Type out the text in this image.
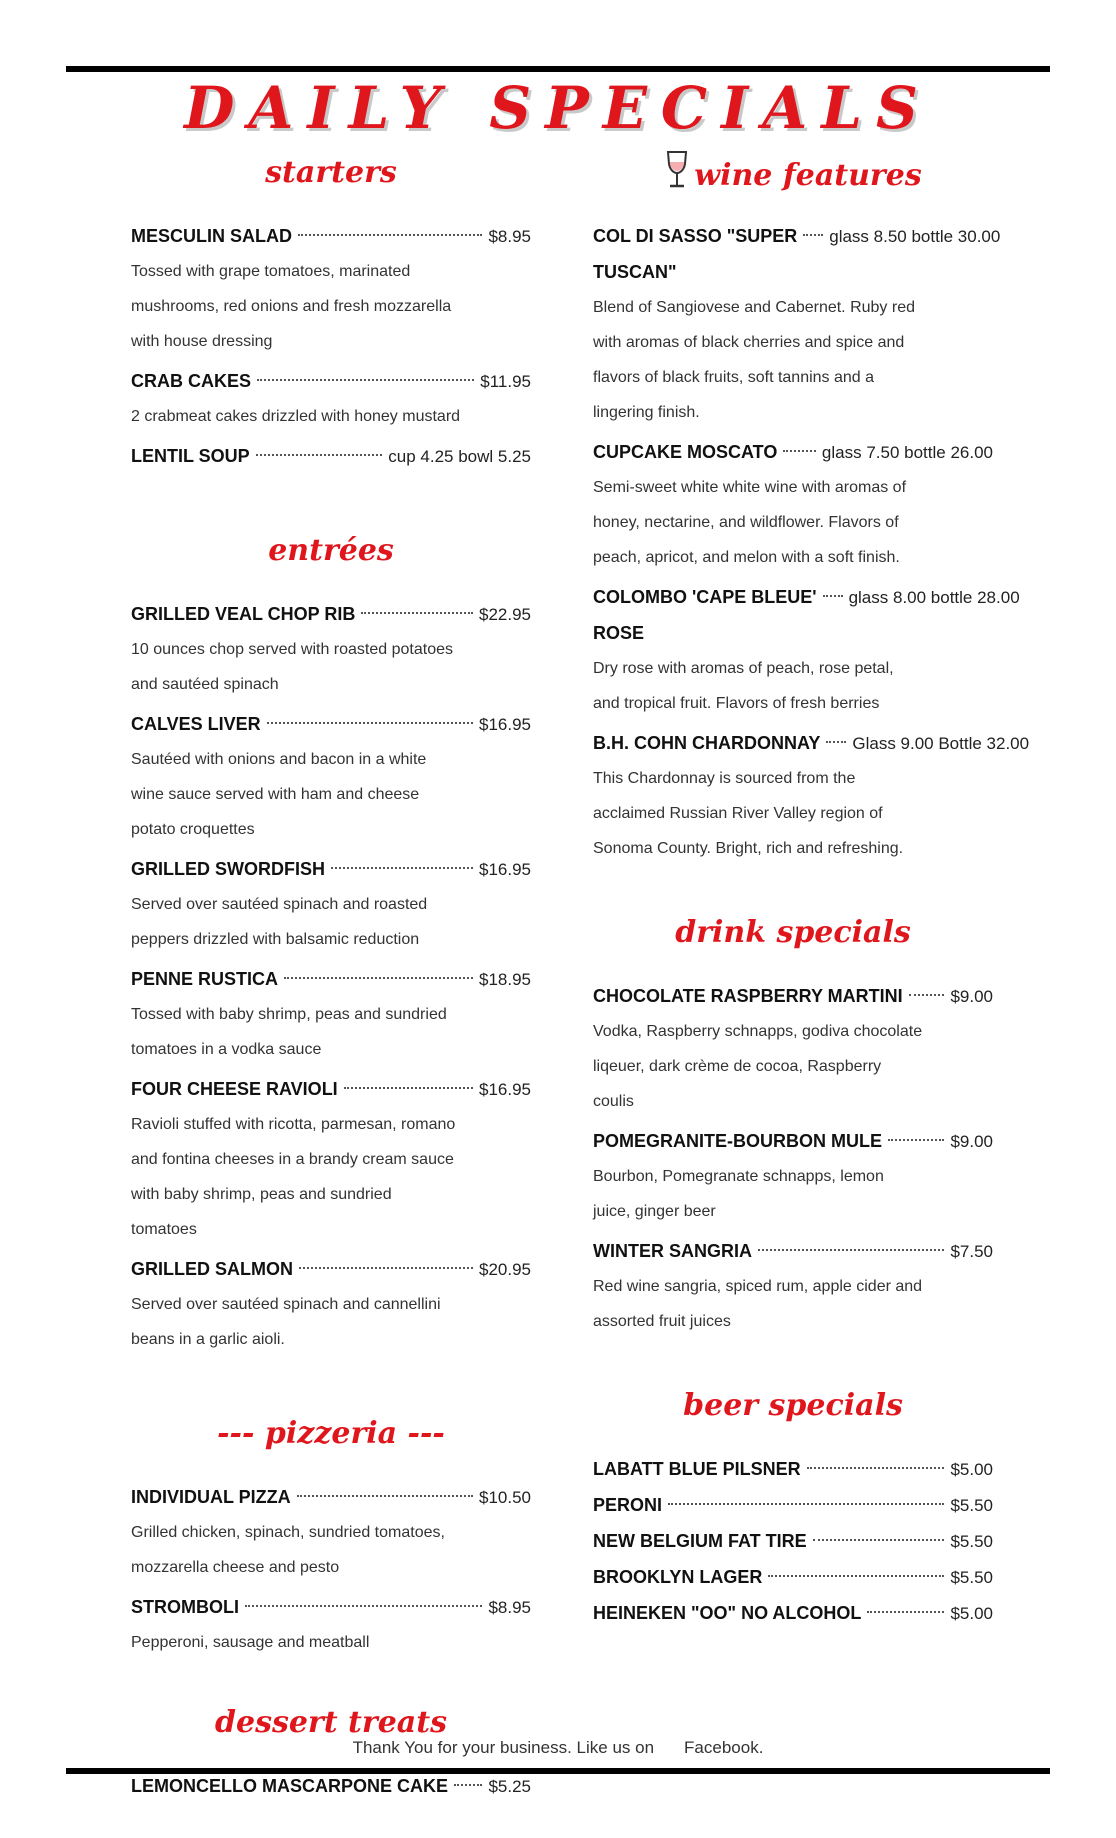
DAILY SPECIALS
starters
MESCULIN SALAD	$8.95
Tossed with grape tomatoes, marinated mushrooms, red onions and fresh mozzarella with house dressing
CRAB CAKES	$11.95
2 crabmeat cakes drizzled with honey mustard
LENTIL SOUP	cup 4.25 bowl 5.25
entrées
GRILLED VEAL CHOP RIB	$22.95
10 ounces chop served with roasted potatoes and sautéed spinach
CALVES LIVER	$16.95
Sautéed with onions and bacon in a white wine sauce served with ham and cheese potato croquettes
GRILLED SWORDFISH	$16.95
Served over sautéed spinach and roasted peppers drizzled with balsamic reduction
PENNE RUSTICA	$18.95
Tossed with baby shrimp, peas and sundried tomatoes in a vodka sauce
FOUR CHEESE RAVIOLI	$16.95
Ravioli stuffed with ricotta, parmesan, romano and fontina cheeses in a brandy cream sauce with baby shrimp, peas and sundried tomatoes
GRILLED SALMON	$20.95
Served over sautéed spinach and cannellini beans in a garlic aioli.
--- pizzeria ---
INDIVIDUAL PIZZA	$10.50
Grilled chicken, spinach, sundried tomatoes, mozzarella cheese and pesto
STROMBOLI	$8.95
Pepperoni, sausage and meatball
dessert treats
LEMONCELLO MASCARPONE CAKE $5.25
wine features
COL DI SASSO "SUPER glass 8.50 bottle 30.00
TUSCAN"
Blend of Sangiovese and Cabernet. Ruby red with aromas of black cherries and spice and flavors of black fruits, soft tannins and a lingering finish.
CUPCAKE MOSCATO	glass 7.50 bottle 26.00
Semi-sweet white white wine with aromas of honey, nectarine, and wildflower. Flavors of peach, apricot, and melon with a soft finish.
COLOMBO 'CAPE BLEUE' glass 8.00 bottle 28.00
ROSE
Dry rose with aromas of peach, rose petal, and tropical fruit. Flavors of fresh berries
B.H. COHN CHARDONNAY Glass 9.00 Bottle 32.00
This Chardonnay is sourced from the acclaimed Russian River Valley region of Sonoma County. Bright, rich and refreshing.
drink specials
CHOCOLATE RASPBERRY MARTINI	$9.00
Vodka, Raspberry schnapps, godiva chocolate liqeuer, dark crème de cocoa, Raspberry coulis
POMEGRANITE-BOURBON MULE	$9.00
Bourbon, Pomegranate schnapps, lemon juice, ginger beer
WINTER SANGRIA	$7.50
Red wine sangria, spiced rum, apple cider and assorted fruit juices
beer specials
LABATT BLUE PILSNER	$5.00
PERONI	$5.50
NEW BELGIUM FAT TIRE	$5.50
BROOKLYN LAGER	$5.50
HEINEKEN "OO" NO ALCOHOL	$5.00
Thank You for your business. Like us on Facebook.
